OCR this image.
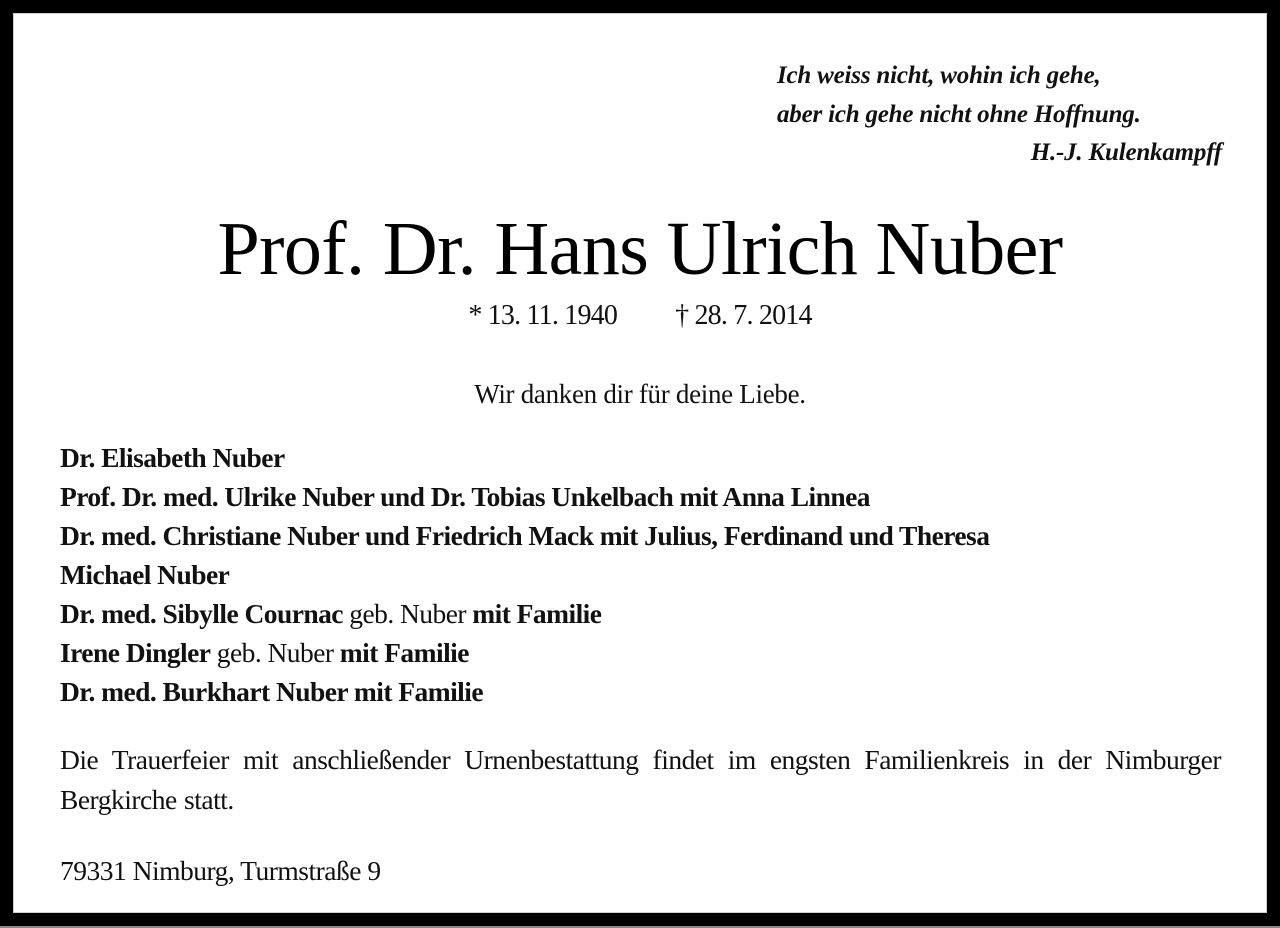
Ich weiss nicht, wohin ich gehe,
aber ich gehe nicht ohne Hoffnung.
H.-J. Kulenkampff
Prof. Dr. Hans Ulrich Nuber
* 13. 11. 1940 † 28. 7. 2014
Wir danken dir für deine Liebe.
Dr. Elisabeth Nuber
Prof. Dr. med. Ulrike Nuber und Dr. Tobias Unkelbach mit Anna Linnea
Dr. med. Christiane Nuber und Friedrich Mack mit Julius, Ferdinand und Theresa
Michael Nuber
Dr. med. Sibylle Cournac geb. Nuber mit Familie
Irene Dingler geb. Nuber mit Familie
Dr. med. Burkhart Nuber mit Familie
Die Trauerfeier mit anschließender Urnenbestattung findet im engsten Familienkreis in der Nimburger Bergkirche statt.
79331 Nimburg, Turmstraße 9
